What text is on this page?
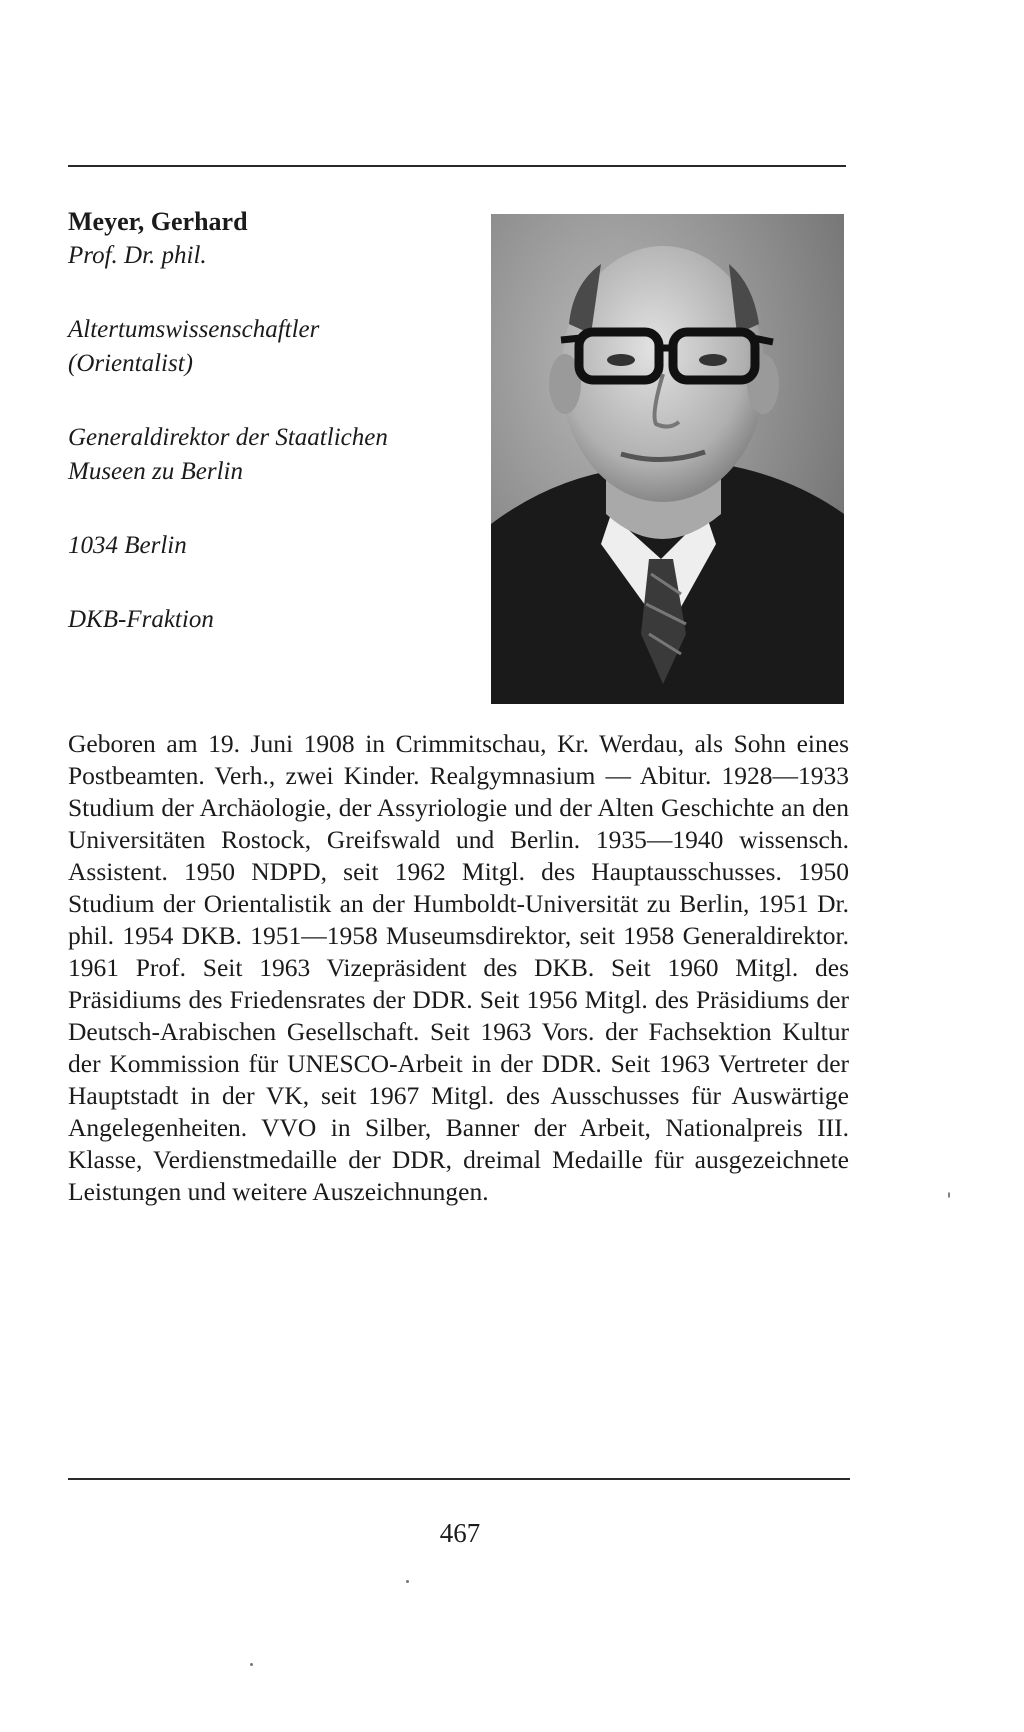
Meyer, Gerhard

Prof. Dr. phil.

Altertumswissenschaftler

(Orientalist)

Generaldirektor der Staatlichen

Museen zu Berlin

1034 Berlin

DKB-Fraktion

Geboren am 19. Juni 1908 in Crimmitschau, Kr. Werdau, als Sohn eines Postbeamten. Verh., zwei Kinder. Realgymnasium — Abitur. 1928—1933 Studium der Archäologie, der Assyriologie und der Alten Geschichte an den Universitäten Rostock, Greifswald und Berlin. 1935—1940 wissensch. Assistent. 1950 NDPD, seit 1962 Mitgl. des Hauptausschusses. 1950 Studium der Orientalistik an der Humboldt-Universität zu Berlin, 1951 Dr. phil. 1954 DKB. 1951—1958 Museumsdirektor, seit 1958 Generaldirektor. 1961 Prof. Seit 1963 Vizepräsident des DKB. Seit 1960 Mitgl. des Präsidiums des Friedensrates der DDR. Seit 1956 Mitgl. des Präsidiums der Deutsch-Arabischen Gesellschaft. Seit 1963 Vors. der Fachsektion Kultur der Kommission für UNESCO-Arbeit in der DDR. Seit 1963 Vertreter der Hauptstadt in der VK, seit 1967 Mitgl. des Ausschusses für Auswärtige Angelegenheiten. VVO in Silber, Banner der Arbeit, Nationalpreis III. Klasse, Verdienstmedaille der DDR, dreimal Medaille für ausgezeichnete Leistungen und weitere Auszeichnungen.

467
